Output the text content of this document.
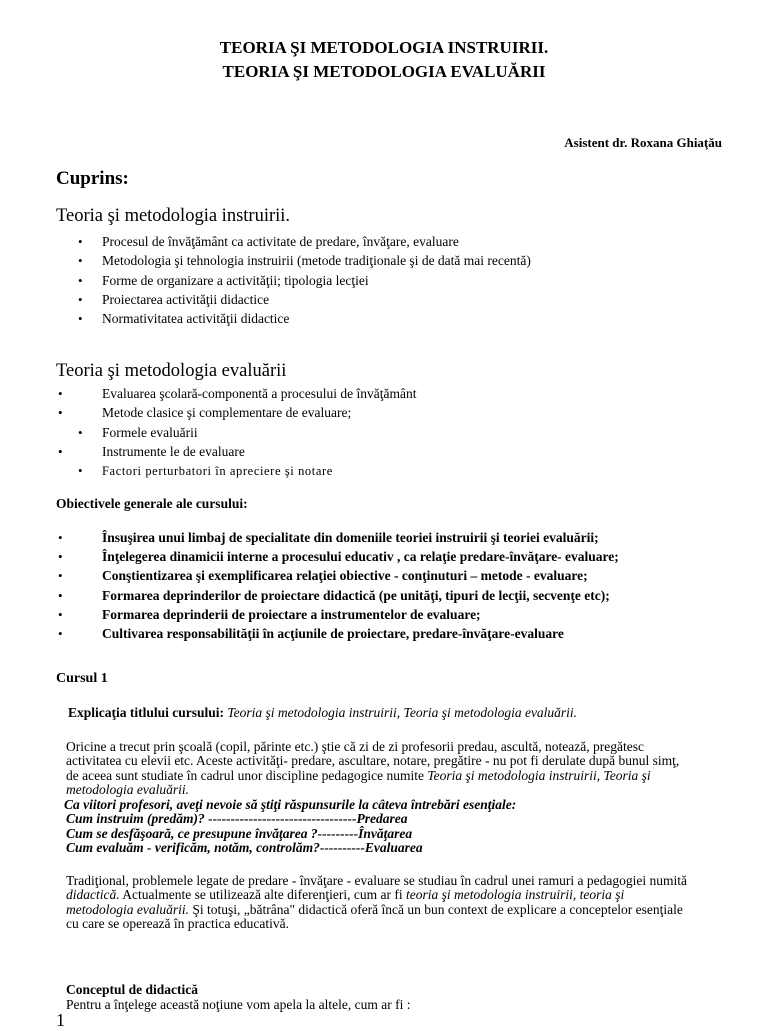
TEORIA ŞI METODOLOGIA INSTRUIRII.
TEORIA ŞI METODOLOGIA EVALUĂRII
Asistent dr. Roxana Ghiaţău
Cuprins:
Teoria şi metodologia instruirii.
• Procesul de învăţământ ca activitate de predare, învăţare, evaluare
• Metodologia şi tehnologia instruirii (metode tradiţionale şi de dată mai recentă)
• Forme de organizare a activităţii; tipologia lecţiei
• Proiectarea activităţii didactice
• Normativitatea activităţii didactice
Teoria şi metodologia evaluării
•	Evaluarea şcolară-componentă a procesului de învăţământ
•	Metode clasice şi complementare de evaluare;
• Formele evaluării
•	Instrumente le de evaluare
• Factori perturbatori în apreciere şi notare
Obiectivele generale ale cursului:
•	Însuşirea unui limbaj de specialitate din domeniile teoriei instruirii şi teoriei evaluării;
•	Înţelegerea dinamicii interne a procesului educativ , ca relaţie predare-învăţare- evaluare;
•	Conştientizarea şi exemplificarea relaţiei obiective - conţinuturi – metode - evaluare;
•	Formarea deprinderilor de proiectare didactică (pe unităţi, tipuri de lecţii, secvenţe etc);
•	Formarea deprinderii de proiectare a instrumentelor de evaluare;
•	Cultivarea responsabilităţii în acţiunile de proiectare, predare-învăţare-evaluare
Cursul 1
Explicaţia titlului cursului: Teoria şi metodologia instruirii, Teoria şi metodologia evaluării.
Oricine a trecut prin şcoală (copil, părinte etc.) ştie că zi de zi profesorii predau, ascultă, notează, pregătesc
activitatea cu elevii etc. Aceste activităţi- predare, ascultare, notare, pregătire - nu pot fi derulate după bunul simţ,
de aceea sunt studiate în cadrul unor discipline pedagogice numite Teoria şi metodologia instruirii, Teoria şi
metodologia evaluării.
Ca viitori profesori, aveţi nevoie să ştiţi răspunsurile la câteva întrebări esenţiale:
Cum instruim (predăm)? ---------------------------------Predarea
Cum se desfăşoară, ce presupune învăţarea ?---------Învăţarea
Cum evaluăm - verificăm, notăm, controlăm?----------Evaluarea
Tradiţional, problemele legate de predare - învăţare - evaluare se studiau în cadrul unei ramuri a pedagogiei numită
didactică. Actualmente se utilizează alte diferenţieri, cum ar fi teoria şi metodologia instruirii, teoria şi
metodologia evaluării. Şi totuşi, „bătrâna" didactică oferă încă un bun context de explicare a conceptelor esenţiale
cu care se operează în practica educativă.
Conceptul de didactică
Pentru a înţelege această noţiune vom apela la altele, cum ar fi :
1
